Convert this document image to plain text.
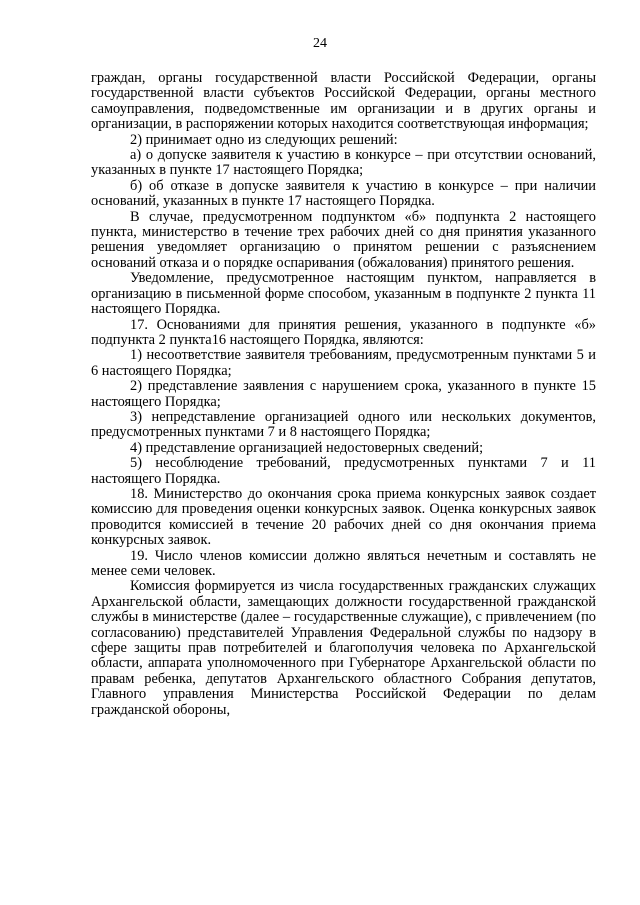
24

граждан, органы государственной власти Российской Федерации, органы государственной власти субъектов Российской Федерации, органы местного самоуправления, подведомственные им организации и в других органы и организации, в распоряжении которых находится соответствующая информация;

2) принимает одно из следующих решений:

а) о допуске заявителя к участию в конкурсе – при отсутствии оснований, указанных в пункте 17 настоящего Порядка;

б) об отказе в допуске заявителя к участию в конкурсе – при наличии оснований, указанных в пункте 17 настоящего Порядка.

В случае, предусмотренном подпунктом «б» подпункта 2 настоящего пункта, министерство в течение трех рабочих дней со дня принятия указанного решения уведомляет организацию о принятом решении с разъяснением оснований отказа и о порядке оспаривания (обжалования) принятого решения.

Уведомление, предусмотренное настоящим пунктом, направляется в организацию в письменной форме способом, указанным в подпункте 2 пункта 11 настоящего Порядка.

17. Основаниями для принятия решения, указанного в подпункте «б» подпункта 2 пункта16 настоящего Порядка, являются:

1) несоответствие заявителя требованиям, предусмотренным пунктами 5 и 6 настоящего Порядка;

2) представление заявления с нарушением срока, указанного в пункте 15 настоящего Порядка;

3) непредставление организацией одного или нескольких документов, предусмотренных пунктами 7 и 8 настоящего Порядка;

4) представление организацией недостоверных сведений;

5) несоблюдение требований, предусмотренных пунктами 7 и 11 настоящего Порядка.

18. Министерство до окончания срока приема конкурсных заявок создает комиссию для проведения оценки конкурсных заявок. Оценка конкурсных заявок проводится комиссией в течение 20 рабочих дней со дня окончания приема конкурсных заявок.

19. Число членов комиссии должно являться нечетным и составлять не менее семи человек.

Комиссия формируется из числа государственных гражданских служащих Архангельской области, замещающих должности государственной гражданской службы в министерстве (далее – государственные служащие), с привлечением (по согласованию) представителей Управления Федеральной службы по надзору в сфере защиты прав потребителей и благополучия человека по Архангельской области, аппарата уполномоченного при Губернаторе Архангельской области по правам ребенка, депутатов Архангельского областного Собрания депутатов, Главного управления Министерства Российской Федерации по делам гражданской обороны,
